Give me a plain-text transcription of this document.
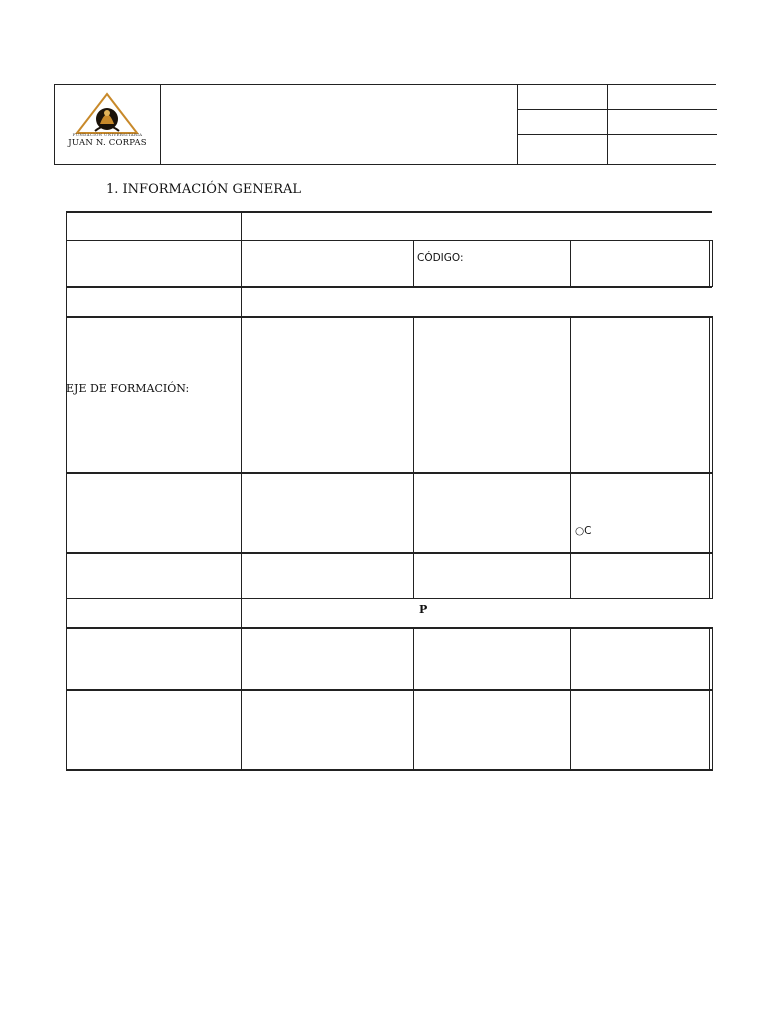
FUNDACIÓN UNIVERSITARIA
JUAN N. CORPAS
1. INFORMACIÓN GENERAL
CÓDIGO:
EJE DE FORMACIÓN:
○C
P
